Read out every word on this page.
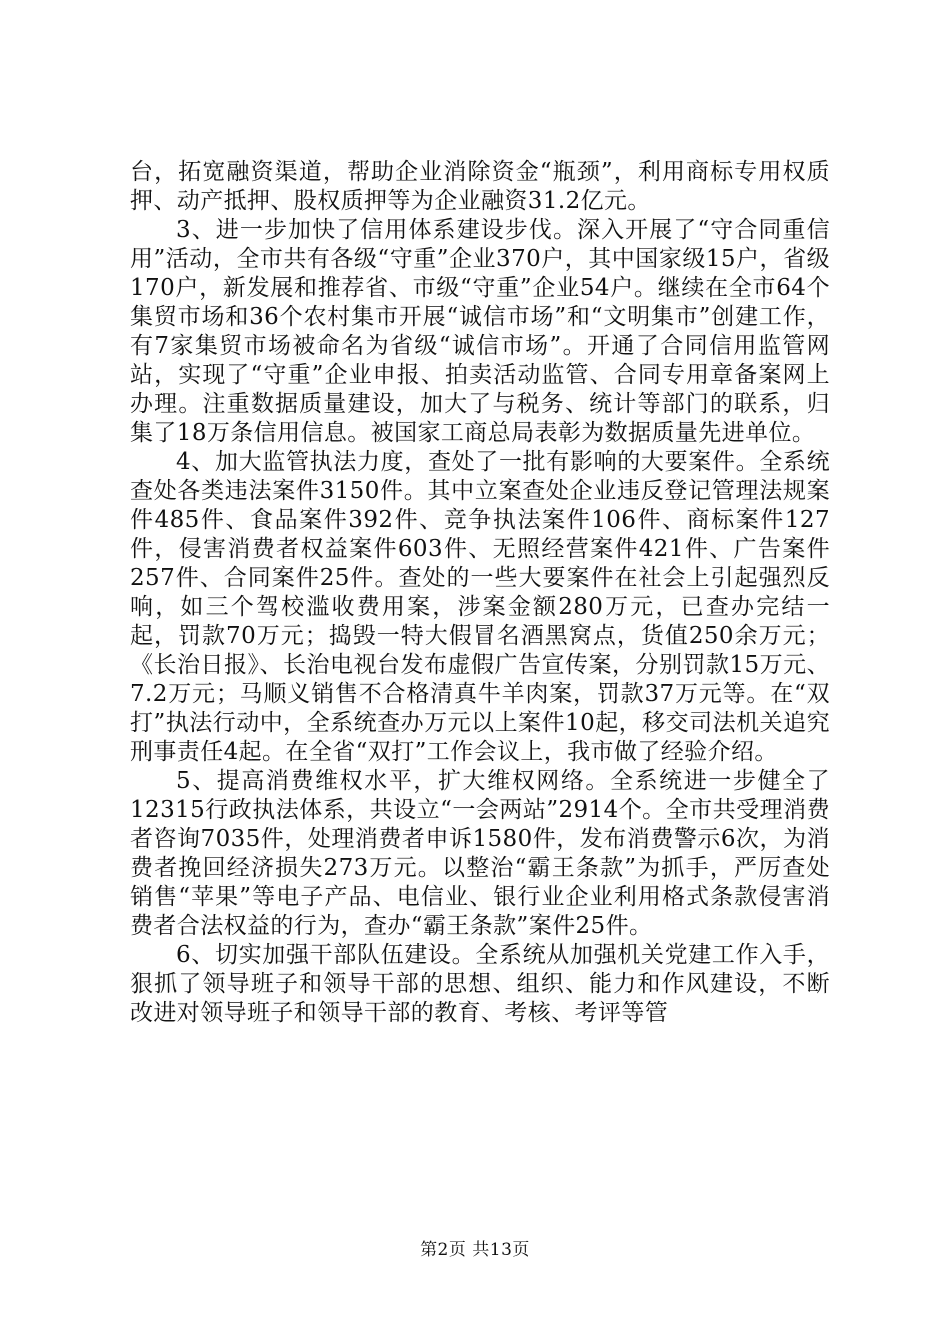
台，拓宽融资渠道，帮助企业消除资金“瓶颈”，利用商标专用权质押、动产抵押、股权质押等为企业融资31.2亿元。

3、进一步加快了信用体系建设步伐。深入开展了“守合同重信用”活动，全市共有各级“守重”企业370户，其中国家级15户，省级170户，新发展和推荐省、市级“守重”企业54户。继续在全市64个集贸市场和36个农村集市开展“诚信市场”和“文明集市”创建工作，有7家集贸市场被命名为省级“诚信市场”。开通了合同信用监管网站，实现了“守重”企业申报、拍卖活动监管、合同专用章备案网上办理。注重数据质量建设，加大了与税务、统计等部门的联系，归集了18万条信用信息。被国家工商总局表彰为数据质量先进单位。

4、加大监管执法力度，查处了一批有影响的大要案件。全系统查处各类违法案件3150件。其中立案查处企业违反登记管理法规案件485件、食品案件392件、竞争执法案件106件、商标案件127件，侵害消费者权益案件603件、无照经营案件421件、广告案件257件、合同案件25件。查处的一些大要案件在社会上引起强烈反响，如三个驾校滥收费用案，涉案金额280万元，已查办完结一起，罚款70万元；捣毁一特大假冒名酒黑窝点，货值250余万元；《长治日报》、长治电视台发布虚假广告宣传案，分别罚款15万元、7.2万元；马顺义销售不合格清真牛羊肉案，罚款37万元等。在“双打”执法行动中，全系统查办万元以上案件10起，移交司法机关追究刑事责任4起。在全省“双打”工作会议上，我市做了经验介绍。

5、提高消费维权水平，扩大维权网络。全系统进一步健全了12315行政执法体系，共设立“一会两站”2914个。全市共受理消费者咨询7035件，处理消费者申诉1580件，发布消费警示6次，为消费者挽回经济损失273万元。以整治“霸王条款”为抓手，严厉查处销售“苹果”等电子产品、电信业、银行业企业利用格式条款侵害消费者合法权益的行为，查办“霸王条款”案件25件。

6、切实加强干部队伍建设。全系统从加强机关党建工作入手，狠抓了领导班子和领导干部的思想、组织、能力和作风建设，不断改进对领导班子和领导干部的教育、考核、考评等管

第2页 共13页
